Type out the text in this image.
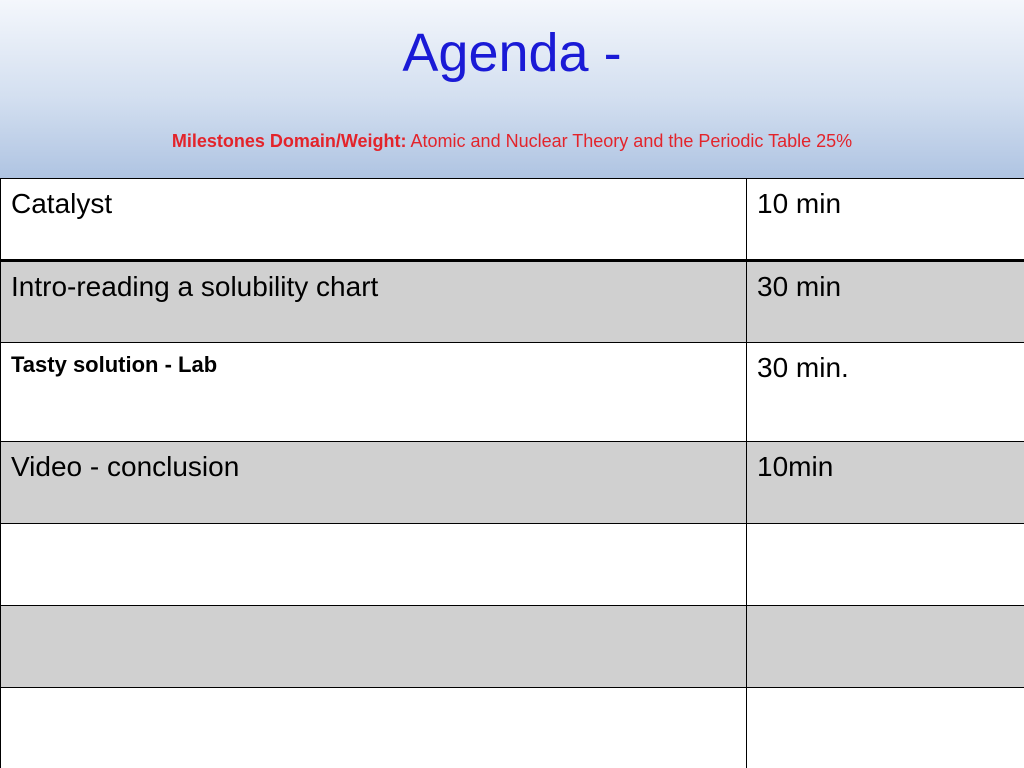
Agenda -
Milestones Domain/Weight: Atomic and Nuclear Theory and the Periodic Table 25%
Catalyst	10 min
Intro-reading a solubility chart	30 min
Tasty solution - Lab	30 min.
Video - conclusion	10min
